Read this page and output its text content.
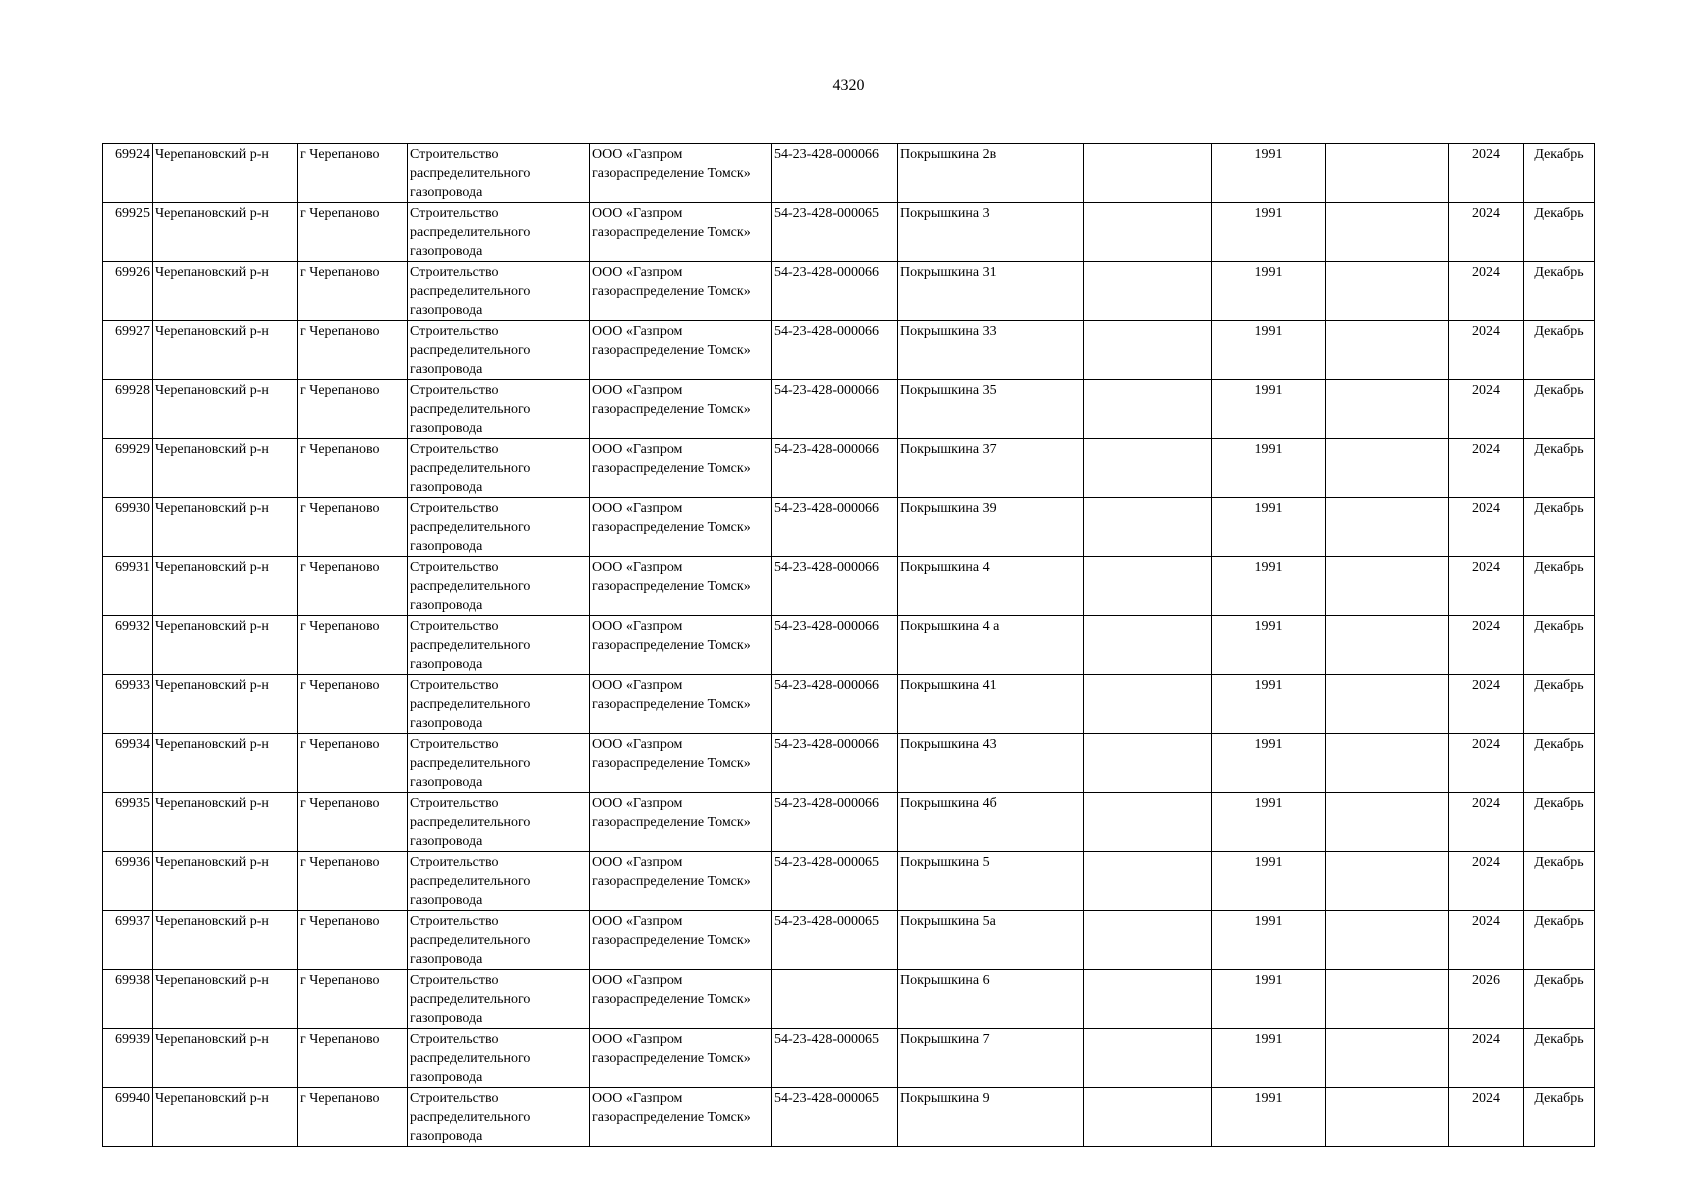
4320
69924	Черепановский р-н	г Черепаново	Строительство распределительного газопровода	ООО «Газпром газораспределение Томск»	54-23-428-000066	Покрышкина 2в		1991		2024	Декабрь
69925	Черепановский р-н	г Черепаново	Строительство распределительного газопровода	ООО «Газпром газораспределение Томск»	54-23-428-000065	Покрышкина 3		1991		2024	Декабрь
69926	Черепановский р-н	г Черепаново	Строительство распределительного газопровода	ООО «Газпром газораспределение Томск»	54-23-428-000066	Покрышкина 31		1991		2024	Декабрь
69927	Черепановский р-н	г Черепаново	Строительство распределительного газопровода	ООО «Газпром газораспределение Томск»	54-23-428-000066	Покрышкина 33		1991		2024	Декабрь
69928	Черепановский р-н	г Черепаново	Строительство распределительного газопровода	ООО «Газпром газораспределение Томск»	54-23-428-000066	Покрышкина 35		1991		2024	Декабрь
69929	Черепановский р-н	г Черепаново	Строительство распределительного газопровода	ООО «Газпром газораспределение Томск»	54-23-428-000066	Покрышкина 37		1991		2024	Декабрь
69930	Черепановский р-н	г Черепаново	Строительство распределительного газопровода	ООО «Газпром газораспределение Томск»	54-23-428-000066	Покрышкина 39		1991		2024	Декабрь
69931	Черепановский р-н	г Черепаново	Строительство распределительного газопровода	ООО «Газпром газораспределение Томск»	54-23-428-000066	Покрышкина 4		1991		2024	Декабрь
69932	Черепановский р-н	г Черепаново	Строительство распределительного газопровода	ООО «Газпром газораспределение Томск»	54-23-428-000066	Покрышкина 4 а		1991		2024	Декабрь
69933	Черепановский р-н	г Черепаново	Строительство распределительного газопровода	ООО «Газпром газораспределение Томск»	54-23-428-000066	Покрышкина 41		1991		2024	Декабрь
69934	Черепановский р-н	г Черепаново	Строительство распределительного газопровода	ООО «Газпром газораспределение Томск»	54-23-428-000066	Покрышкина 43		1991		2024	Декабрь
69935	Черепановский р-н	г Черепаново	Строительство распределительного газопровода	ООО «Газпром газораспределение Томск»	54-23-428-000066	Покрышкина 4б		1991		2024	Декабрь
69936	Черепановский р-н	г Черепаново	Строительство распределительного газопровода	ООО «Газпром газораспределение Томск»	54-23-428-000065	Покрышкина 5		1991		2024	Декабрь
69937	Черепановский р-н	г Черепаново	Строительство распределительного газопровода	ООО «Газпром газораспределение Томск»	54-23-428-000065	Покрышкина 5а		1991		2024	Декабрь
69938	Черепановский р-н	г Черепаново	Строительство распределительного газопровода	ООО «Газпром газораспределение Томск»		Покрышкина 6		1991		2026	Декабрь
69939	Черепановский р-н	г Черепаново	Строительство распределительного газопровода	ООО «Газпром газораспределение Томск»	54-23-428-000065	Покрышкина 7		1991		2024	Декабрь
69940	Черепановский р-н	г Черепаново	Строительство распределительного газопровода	ООО «Газпром газораспределение Томск»	54-23-428-000065	Покрышкина 9		1991		2024	Декабрь
